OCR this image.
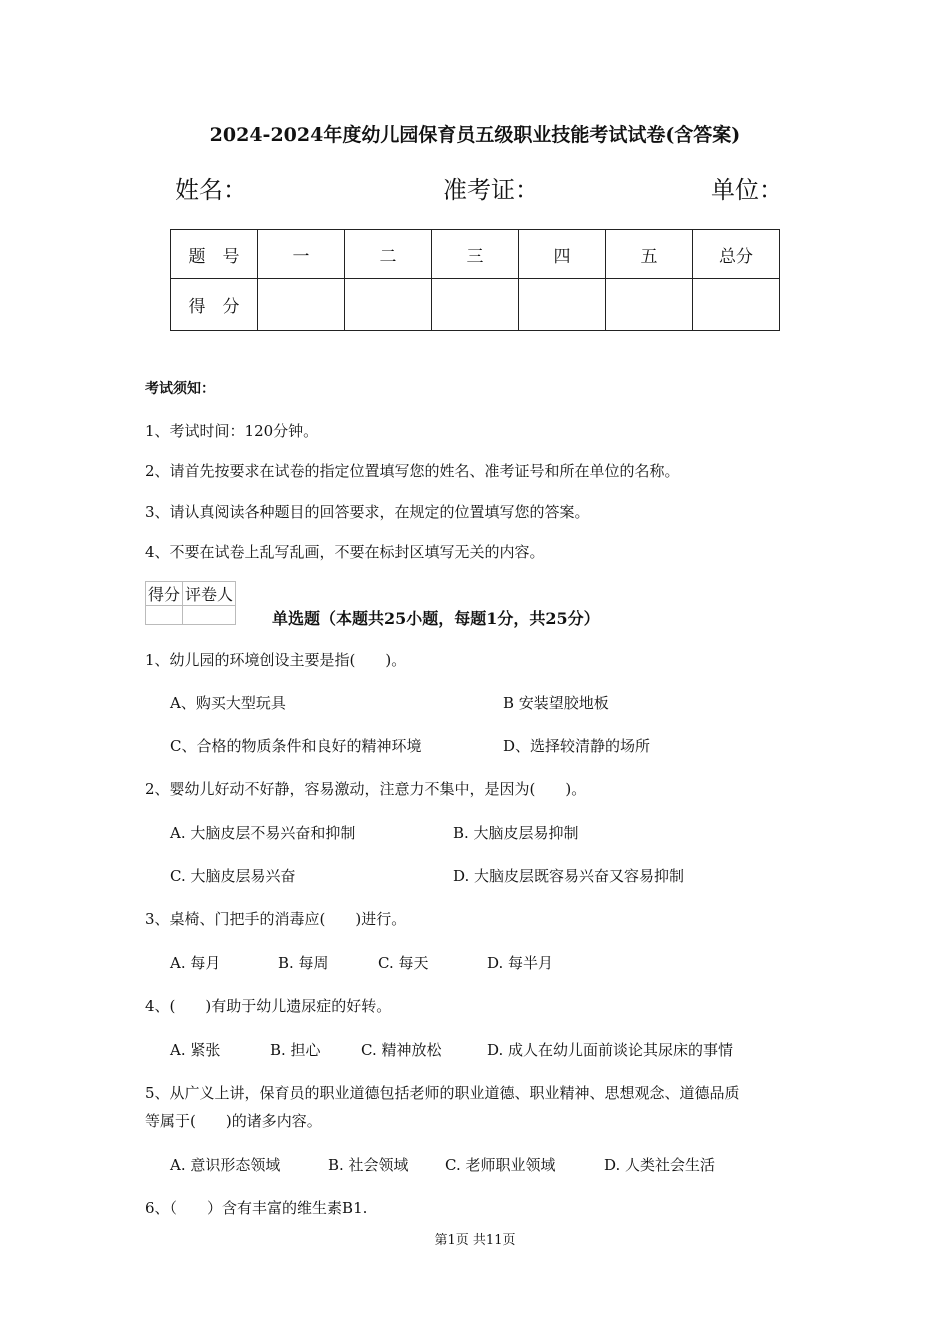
2024-2024年度幼儿园保育员五级职业技能考试试卷(含答案)
姓名：	准考证：	单位：
题　号	一	二	三	四	五	总分
得　分						
考试须知：
1、考试时间：120分钟。
2、请首先按要求在试卷的指定位置填写您的姓名、准考证号和所在单位的名称。
3、请认真阅读各种题目的回答要求，在规定的位置填写您的答案。
4、不要在试卷上乱写乱画，不要在标封区填写无关的内容。
得分	评卷人

单选题（本题共25小题，每题1分，共25分）
1、幼儿园的环境创设主要是指(　　)。
A、购买大型玩具	B 安装望胶地板
C、合格的物质条件和良好的精神环境	D、选择较清静的场所
2、婴幼儿好动不好静，容易激动，注意力不集中，是因为(　　)。
A. 大脑皮层不易兴奋和抑制	B. 大脑皮层易抑制
C. 大脑皮层易兴奋	D. 大脑皮层既容易兴奋又容易抑制
3、桌椅、门把手的消毒应(　　)进行。
A. 每月	B. 每周	C. 每天	D. 每半月
4、(　　)有助于幼儿遗尿症的好转。
A. 紧张	B. 担心	C. 精神放松	D. 成人在幼儿面前谈论其尿床的事情
5、从广义上讲，保育员的职业道德包括老师的职业道德、职业精神、思想观念、道德品质
等属于(　　)的诸多内容。
A. 意识形态领域	B. 社会领域 C. 老师职业领域	D. 人类社会生活
6、（　　）含有丰富的维生素B1.
第1页 共11页
